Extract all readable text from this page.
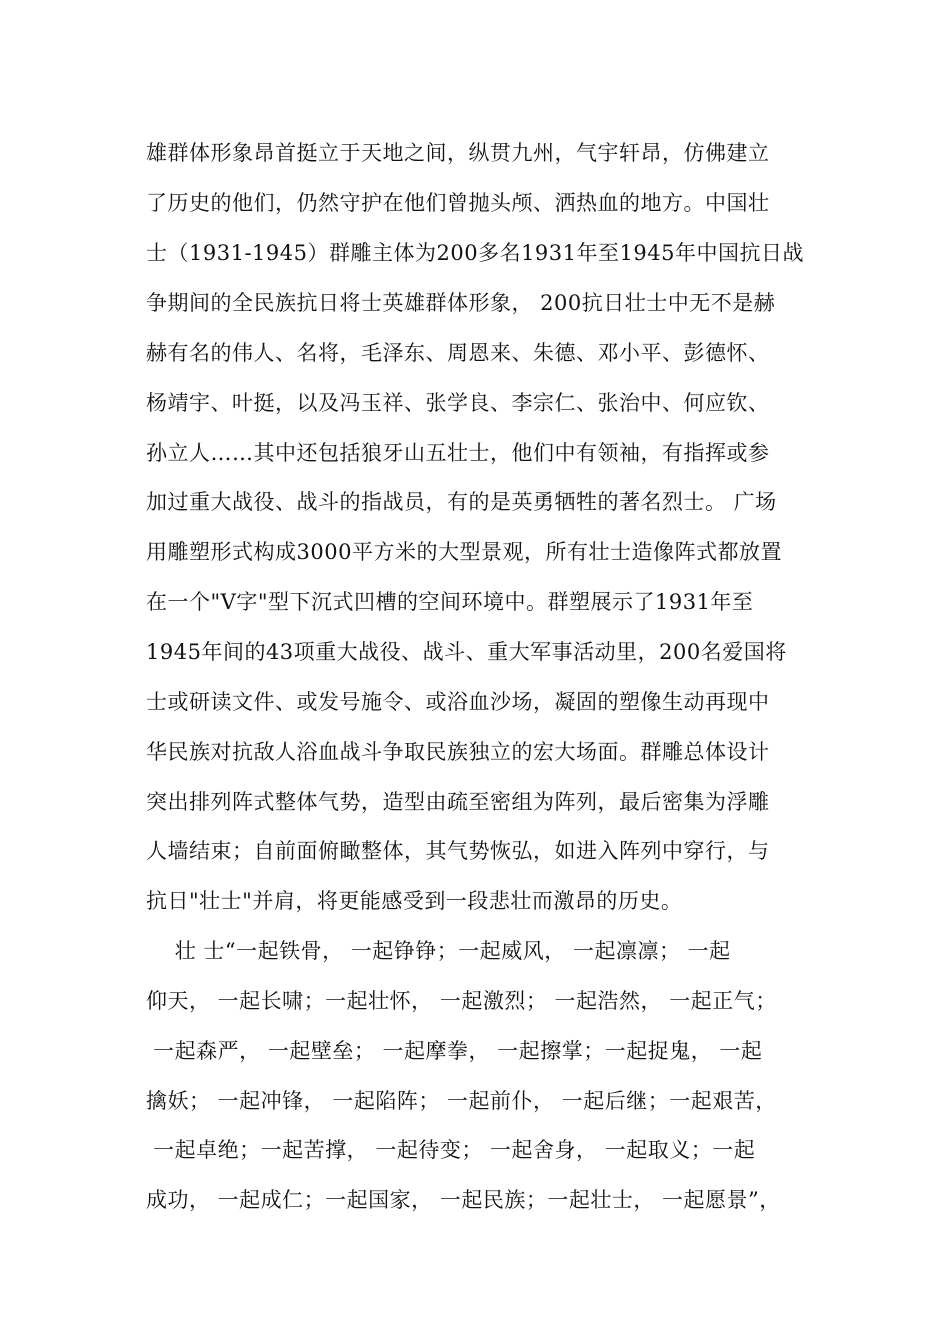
雄群体形象昂首挺立于天地之间，纵贯九州，气宇轩昂，仿佛建立
了历史的他们，仍然守护在他们曾抛头颅、洒热血的地方。中国壮
士（1931-1945）群雕主体为200多名1931年至1945年中国抗日战
争期间的全民族抗日将士英雄群体形象， 200抗日壮士中无不是赫
赫有名的伟人、名将，毛泽东、周恩来、朱德、邓小平、彭德怀、
杨靖宇、叶挺，以及冯玉祥、张学良、李宗仁、张治中、何应钦、
孙立人……其中还包括狼牙山五壮士，他们中有领袖，有指挥或参
加过重大战役、战斗的指战员，有的是英勇牺牲的著名烈士。 广场
用雕塑形式构成3000平方米的大型景观，所有壮士造像阵式都放置
在一个"V字"型下沉式凹槽的空间环境中。群塑展示了1931年至
1945年间的43项重大战役、战斗、重大军事活动里，200名爱国将
士或研读文件、或发号施令、或浴血沙场，凝固的塑像生动再现中
华民族对抗敌人浴血战斗争取民族独立的宏大场面。群雕总体设计
突出排列阵式整体气势，造型由疏至密组为阵列，最后密集为浮雕
人墙结束；自前面俯瞰整体，其气势恢弘，如进入阵列中穿行，与
抗日"壮士"并肩，将更能感受到一段悲壮而激昂的历史。
壮 士“一起铁骨， 一起铮铮；一起威风， 一起凛凛； 一起
仰天， 一起长啸；一起壮怀， 一起激烈； 一起浩然， 一起正气；
一起森严， 一起壁垒； 一起摩拳， 一起擦掌；一起捉鬼， 一起
擒妖； 一起冲锋， 一起陷阵； 一起前仆， 一起后继；一起艰苦，
一起卓绝；一起苦撑， 一起待变； 一起舍身， 一起取义；一起
成功， 一起成仁；一起国家， 一起民族；一起壮士， 一起愿景”，
